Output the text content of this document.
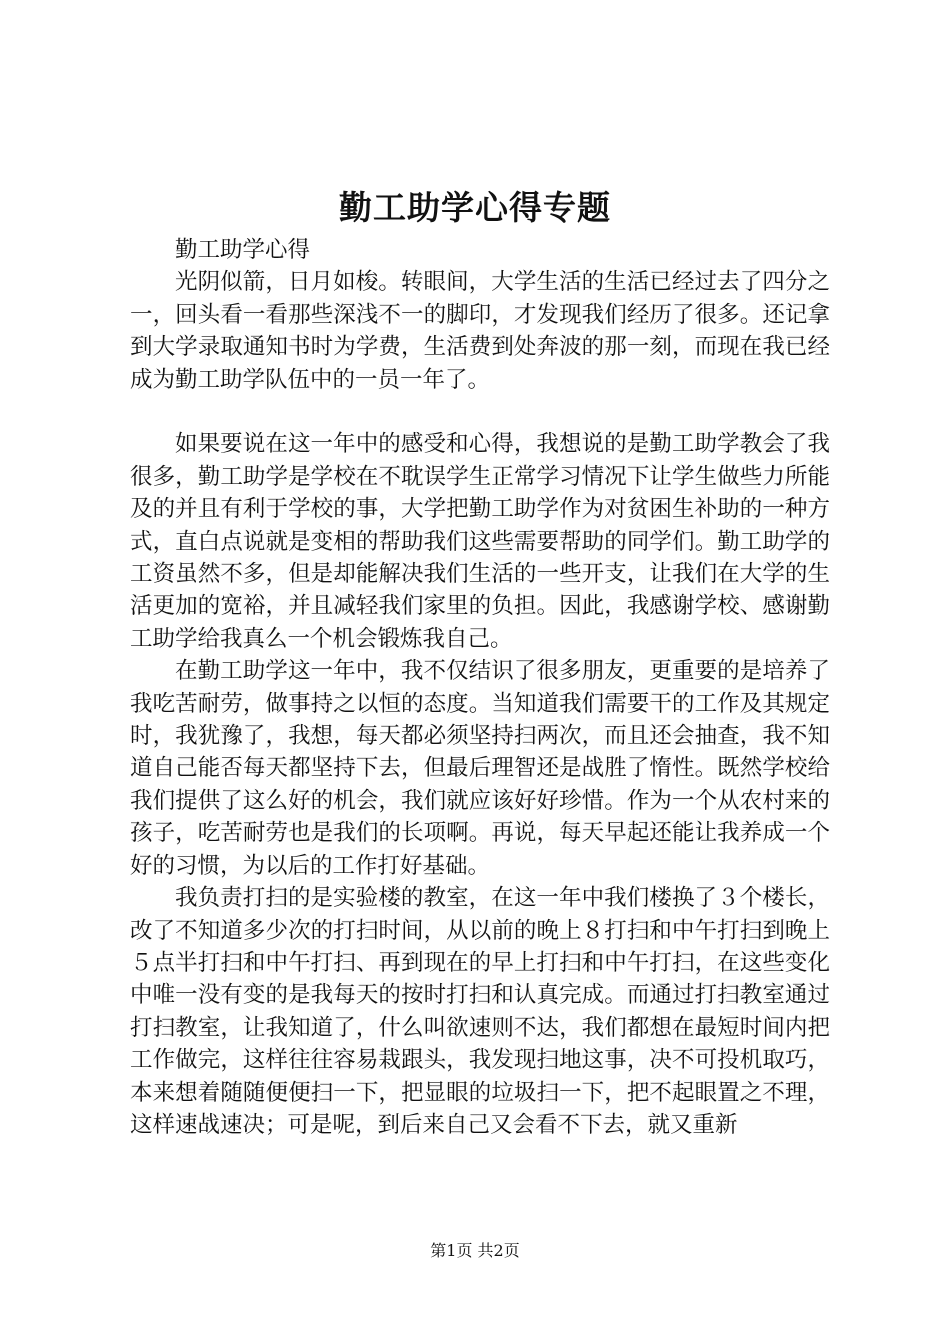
勤工助学心得专题

勤工助学心得

光阴似箭，日月如梭。转眼间，大学生活的生活已经过去了四分之一，回头看一看那些深浅不一的脚印，才发现我们经历了很多。还记拿到大学录取通知书时为学费，生活费到处奔波的那一刻，而现在我已经成为勤工助学队伍中的一员一年了。

如果要说在这一年中的感受和心得，我想说的是勤工助学教会了我很多，勤工助学是学校在不耽误学生正常学习情况下让学生做些力所能及的并且有利于学校的事，大学把勤工助学作为对贫困生补助的一种方式，直白点说就是变相的帮助我们这些需要帮助的同学们。勤工助学的工资虽然不多，但是却能解决我们生活的一些开支，让我们在大学的生活更加的宽裕，并且减轻我们家里的负担。因此，我感谢学校、感谢勤工助学给我真么一个机会锻炼我自己。

在勤工助学这一年中，我不仅结识了很多朋友，更重要的是培养了我吃苦耐劳，做事持之以恒的态度。当知道我们需要干的工作及其规定时，我犹豫了，我想，每天都必须坚持扫两次，而且还会抽查，我不知道自己能否每天都坚持下去，但最后理智还是战胜了惰性。既然学校给我们提供了这么好的机会，我们就应该好好珍惜。作为一个从农村来的孩子，吃苦耐劳也是我们的长项啊。再说，每天早起还能让我养成一个好的习惯，为以后的工作打好基础。

我负责打扫的是实验楼的教室，在这一年中我们楼换了３个楼长，改了不知道多少次的打扫时间，从以前的晚上８打扫和中午打扫到晚上５点半打扫和中午打扫、再到现在的早上打扫和中午打扫，在这些变化中唯一没有变的是我每天的按时打扫和认真完成。而通过打扫教室通过打扫教室，让我知道了，什么叫欲速则不达，我们都想在最短时间内把工作做完，这样往往容易栽跟头，我发现扫地这事，决不可投机取巧，本来想着随随便便扫一下，把显眼的垃圾扫一下，把不起眼置之不理，这样速战速决；可是呢，到后来自己又会看不下去，就又重新

第1页 共2页
